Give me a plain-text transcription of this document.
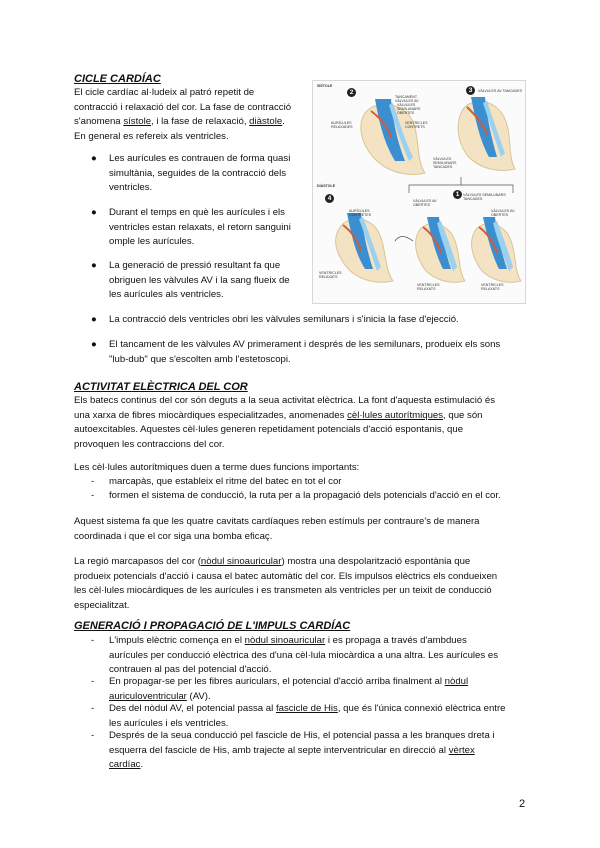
CICLE CARDÍAC

El cicle cardíac al·ludeix al patró repetit de

contracció i relaxació del cor. La fase de contracció

s'anomena sístole, i la fase de relaxació, diàstole.

En general es refereix als ventricles.

● Les aurícules es contrauen de forma quasi

simultània, seguides de la contracció dels

ventricles.

● Durant el temps en què les aurícules i els

ventricles estan relaxats, el retorn sanguini

omple les aurícules.

● La generació de pressió resultant fa que

obriguen les vàlvules AV i la sang flueix de

les aurícules als ventricles.

● La contracció dels ventricles obri les vàlvules semilunars i s'inicia la fase d'ejecció.

● El tancament de les vàlvules AV primerament i després de les semilunars, produeix els sons

"lub-dub" que s'escolten amb l'estetoscopi.

SÍSTOLE
DIÀSTOLE
2	3
4
1
TANCAMENT VÀLVULES AV
VÀLVULES SEMILUNARS OBERTES
AURÍCULES RELAXADES
VENTRICLES CONTRETS
VÀLVULES AV TANCADES
VÀLVULES SEMILUNARS TANCADES
VÀLVULES SEMILUNARS TANCADES
VÀLVULES AV OBERTES
AURÍCULES CONTRETES
VENTRICLES RELAXATS
VENTRICLES RELAXATS
VENTRICLES RELAXATS
VÀLVULES AV OBERTES
ACTIVITAT ELÈCTRICA DEL COR

Els batecs continus del cor són deguts a la seua activitat elèctrica. La font d'aquesta estimulació és

una xarxa de fibres miocàrdiques especialitzades, anomenades cèl·lules autorítmiques, que són

autoexcitables. Aquestes cèl·lules generen repetidament potencials d'acció espontanis, que

provoquen les contraccions del cor.

Les cèl·lules autorítmiques duen a terme dues funcions importants:
- marcapàs, que estableix el ritme del batec en tot el cor
- formen el sistema de conducció, la ruta per a la propagació dels potencials d'acció en el cor.

Aquest sistema fa que les quatre cavitats cardíaques reben estímuls per contraure's de manera

coordinada i que el cor siga una bomba eficaç.

La regió marcapasos del cor (nòdul sinoauricular) mostra una despolarització espontània que

produeix potencials d'acció i causa el batec automàtic del cor. Els impulsos elèctrics els condueixen

les cèl·lules miocàrdiques de les aurícules i es transmeten als ventricles per un teixit de conducció

especialitzat.

GENERACIÓ I PROPAGACIÓ DE L'IMPULS CARDÍAC
- L'impuls elèctric comença en el nòdul sinoauricular i es propaga a través d'ambdues

aurícules per conducció elèctrica des d'una cèl·lula miocàrdica a una altra. Les aurícules es

contrauen al pas del potencial d'acció.

- En propagar-se per les fibres auriculars, el potencial d'acció arriba finalment al nòdul

auriculoventricular (AV).

- Des del nòdul AV, el potencial passa al fascicle de His, que és l'única connexió elèctrica entre

les aurícules i els ventricles.

- Després de la seua conducció pel fascicle de His, el potencial passa a les branques dreta i

esquerra del fascicle de His, amb trajecte al septe interventricular en direcció al vèrtex

cardíac.

2
